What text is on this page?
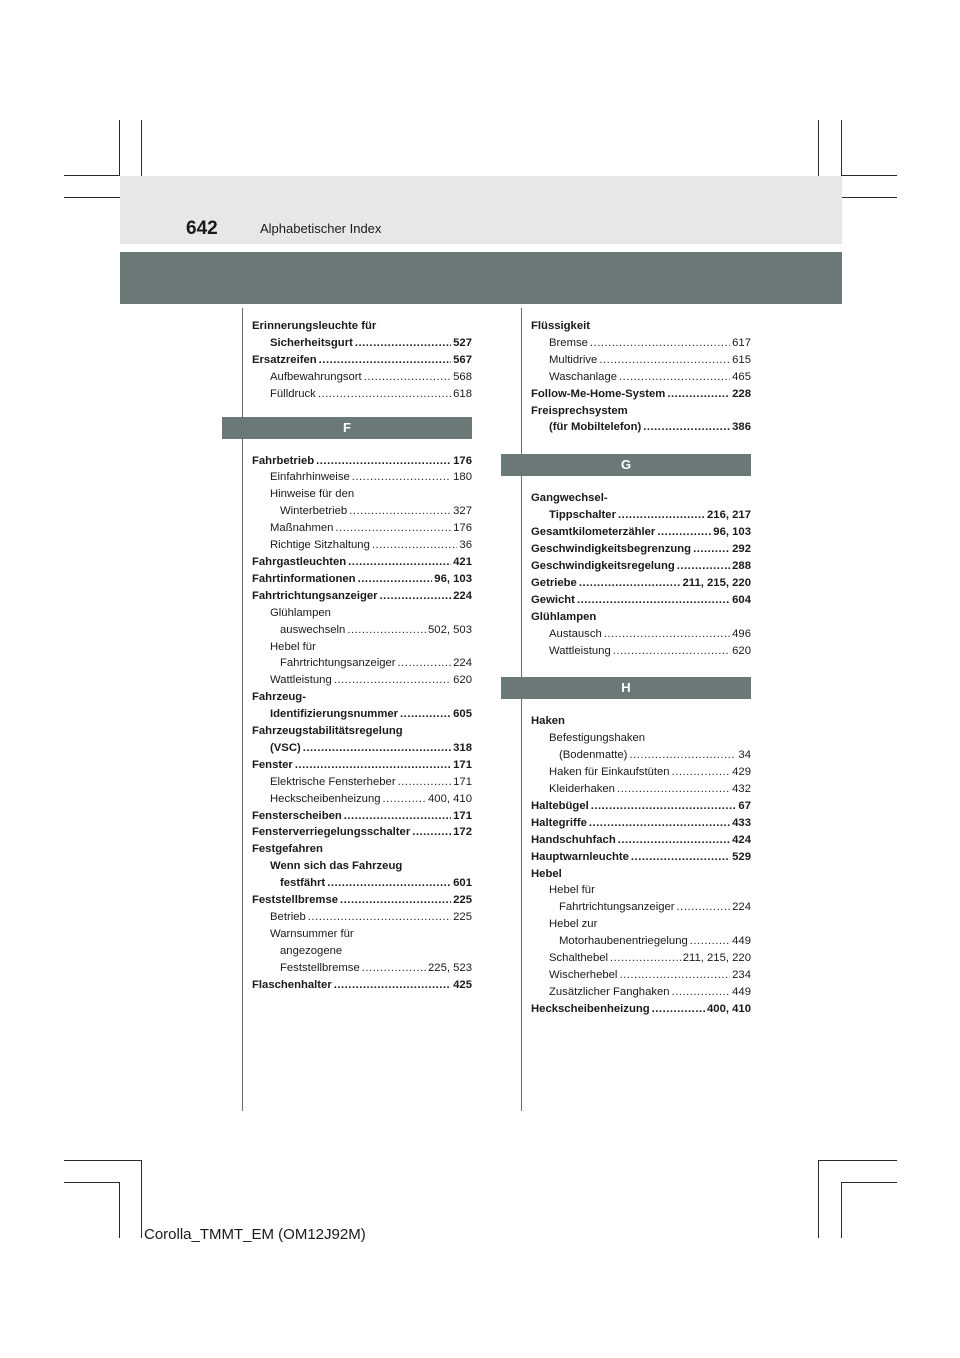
642	Alphabetischer Index
Erinnerungsleuchte für
Sicherheitsgurt .....	527
Ersatzreifen .....	567
Aufbewahrungsort .....	568
Fülldruck .....	618
F
Fahrbetrieb .....	176
Einfahrhinweise .....	180
Hinweise für den
Winterbetrieb .....	327
Maßnahmen .....	176
Richtige Sitzhaltung .....	36
Fahrgastleuchten .....	421
Fahrtinformationen .....	96, 103
Fahrtrichtungsanzeiger .....	224
Glühlampen
auswechseln .....	502, 503
Hebel für
Fahrtrichtungsanzeiger .....	224
Wattleistung .....	620
Fahrzeug-
Identifizierungsnummer .....	605
Fahrzeugstabilitätsregelung
(VSC) .....	318
Fenster .....	171
Elektrische Fensterheber .....	171
Heckscheibenheizung .....	400, 410
Fensterscheiben .....	171
Fensterverriegelungsschalter .....	172
Festgefahren
Wenn sich das Fahrzeug
festfährt .....	601
Feststellbremse .....	225
Betrieb .....	225
Warnsummer für
angezogene
Feststellbremse .....	225, 523
Flaschenhalter .....	425
Flüssigkeit
Bremse .....	617
Multidrive .....	615
Waschanlage .....	465
Follow-Me-Home-System .....	228
Freisprechsystem
(für Mobiltelefon) .....	386
G
Gangwechsel-
Tippschalter .....	216, 217
Gesamtkilometerzähler .....	96, 103
Geschwindigkeitsbegrenzung .....	292
Geschwindigkeitsregelung .....	288
Getriebe .....	211, 215, 220
Gewicht .....	604
Glühlampen
Austausch .....	496
Wattleistung .....	620
H
Haken
Befestigungshaken
(Bodenmatte) .....	34
Haken für Einkaufstüten .....	429
Kleiderhaken .....	432
Haltebügel .....	67
Haltegriffe .....	433
Handschuhfach .....	424
Hauptwarnleuchte .....	529
Hebel
Hebel für
Fahrtrichtungsanzeiger .....	224
Hebel zur
Motorhaubenentriegelung .....	449
Schalthebel .....	211, 215, 220
Wischerhebel .....	234
Zusätzlicher Fanghaken .....	449
Heckscheibenheizung .....	400, 410
Corolla_TMMT_EM (OM12J92M)
